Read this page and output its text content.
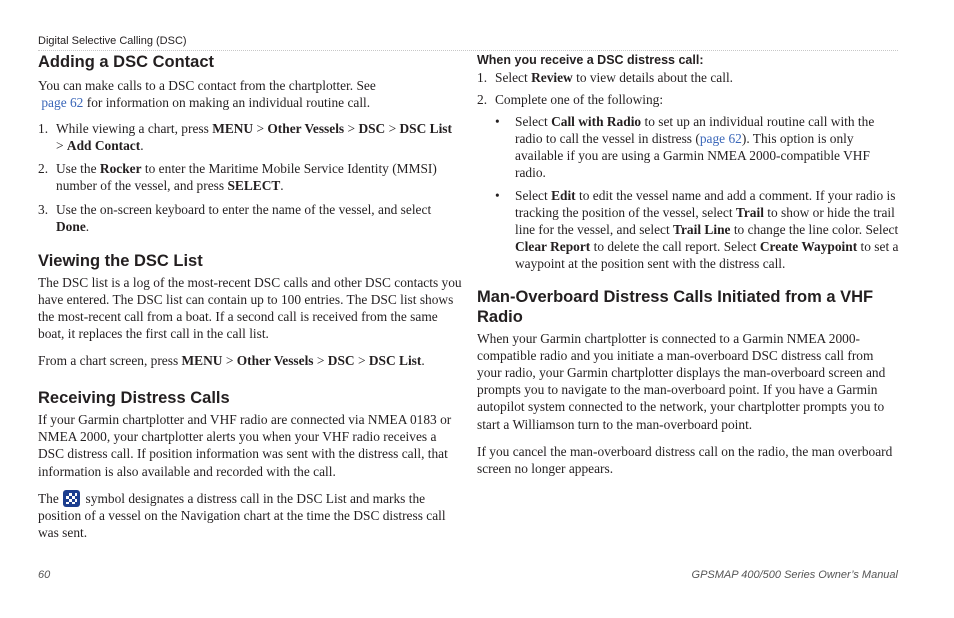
Digital Selective Calling (DSC)
Adding a DSC Contact

You can make calls to a DSC contact from the chartplotter. See
page 62 for information on making an individual routine call.

1. While viewing a chart, press MENU > Other Vessels > DSC > DSC List
> Add Contact.
2. Use the Rocker to enter the Maritime Mobile Service Identity (MMSI) number of the vessel, and press SELECT.
3. Use the on-screen keyboard to enter the name of the vessel, and select
Done.
Viewing the DSC List

The DSC list is a log of the most-recent DSC calls and other DSC contacts you have entered. The DSC list can contain up to 100 entries. The DSC list shows the most-recent call from a boat. If a second call is received from the same boat, it replaces the first call in the call list.

From a chart screen, press MENU > Other Vessels > DSC > DSC List.

Receiving Distress Calls

If your Garmin chartplotter and VHF radio are connected via NMEA 0183 or NMEA 2000, your chartplotter alerts you when your VHF radio receives a DSC distress call. If position information was sent with the distress call, that information is also available and recorded with the call.

The symbol designates a distress call in the DSC List and marks the position of a vessel on the Navigation chart at the time the DSC distress call was sent.

When you receive a DSC distress call:
1. Select Review to view details about the call.
2. Complete one of the following:
• Select Call with Radio to set up an individual routine call with the radio to call the vessel in distress (page 62). This option is only available if you are using a Garmin NMEA 2000-compatible VHF radio.
• Select Edit to edit the vessel name and add a comment. If your radio is tracking the position of the vessel, select Trail to show or hide the trail line for the vessel, and select Trail Line to change the line color. Select Clear Report to delete the call report. Select Create Waypoint to set a waypoint at the position sent with the distress call.
Man-Overboard Distress Calls Initiated from a VHF Radio

When your Garmin chartplotter is connected to a Garmin NMEA 2000-compatible radio and you initiate a man-overboard DSC distress call from your radio, your Garmin chartplotter displays the man-overboard screen and prompts you to navigate to the man-overboard point. If you have a Garmin autopilot system connected to the network, your chartplotter prompts you to start a Williamson turn to the man-overboard point.

If you cancel the man-overboard distress call on the radio, the man overboard screen no longer appears.

60	GPSMAP 400/500 Series Owner’s Manual
